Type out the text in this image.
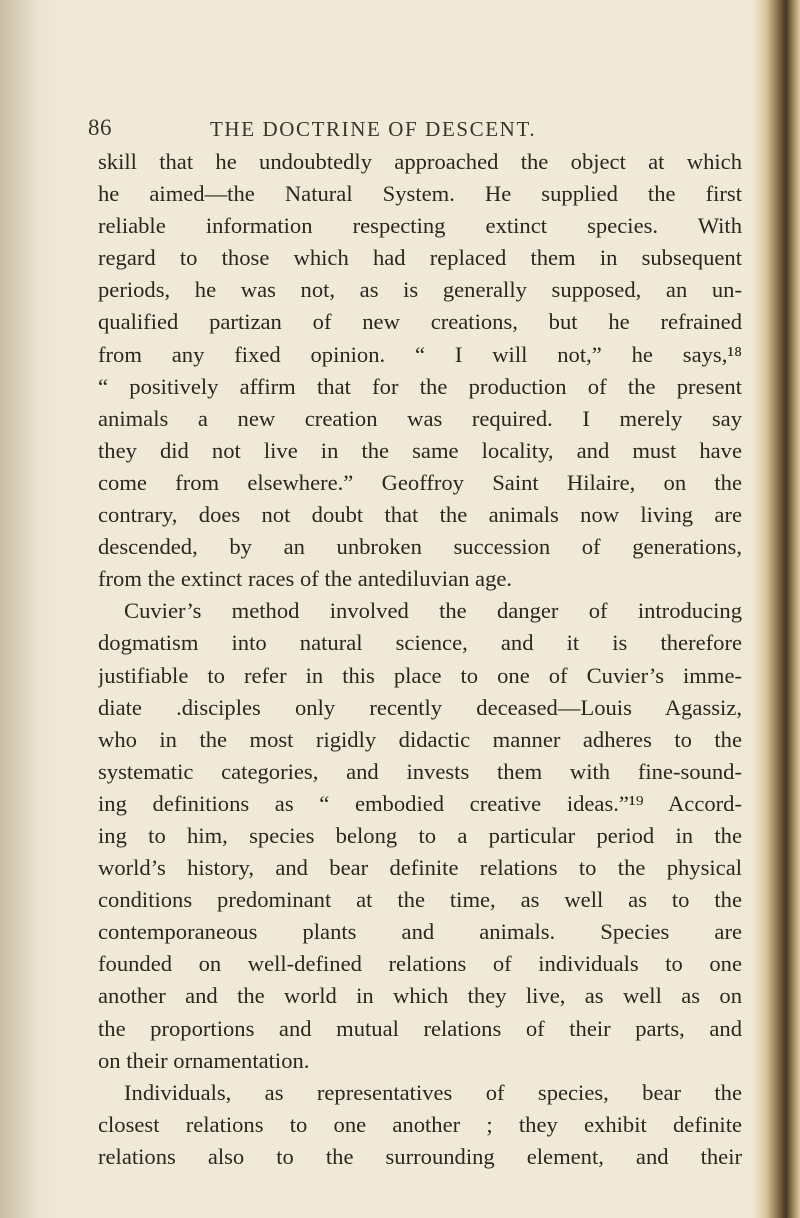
86	THE DOCTRINE OF DESCENT.
skill that he undoubtedly approached the object at which
he aimed—the Natural System. He supplied the first
reliable information respecting extinct species. With
regard to those which had replaced them in subsequent
periods, he was not, as is generally supposed, an un-
qualified partizan of new creations, but he refrained
from any fixed opinion. “ I will not,” he says,¹⁸
“ positively affirm that for the production of the present
animals a new creation was required. I merely say
they did not live in the same locality, and must have
come from elsewhere.” Geoffroy Saint Hilaire, on the
contrary, does not doubt that the animals now living are
descended, by an unbroken succession of generations,
from the extinct races of the antediluvian age.
Cuvier’s method involved the danger of introducing
dogmatism into natural science, and it is therefore
justifiable to refer in this place to one of Cuvier’s imme-
diate .disciples only recently deceased—Louis Agassiz,
who in the most rigidly didactic manner adheres to the
systematic categories, and invests them with fine-sound-
ing definitions as “ embodied creative ideas.”¹⁹ Accord-
ing to him, species belong to a particular period in the
world’s history, and bear definite relations to the physical
conditions predominant at the time, as well as to the
contemporaneous plants and animals. Species are
founded on well-defined relations of individuals to one
another and the world in which they live, as well as on
the proportions and mutual relations of their parts, and
on their ornamentation.
Individuals, as representatives of species, bear the
closest relations to one another ; they exhibit definite
relations also to the surrounding element, and their
